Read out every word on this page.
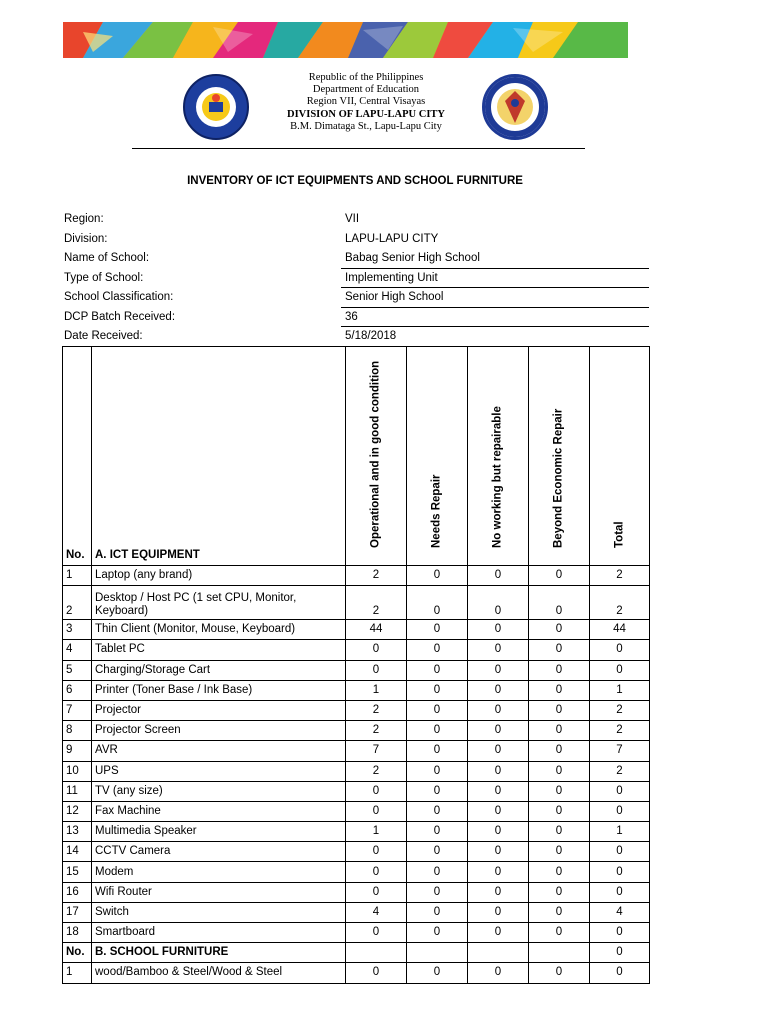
Republic of the Philippines
Department of Education
Region VII, Central Visayas
DIVISION OF LAPU-LAPU CITY
B.M. Dimataga St., Lapu-Lapu City
INVENTORY OF ICT EQUIPMENTS AND SCHOOL FURNITURE
Region:	VII
Division:	LAPU-LAPU CITY
Name of School:	Babag Senior High School
Type of School:	Implementing Unit
School Classification:	Senior High School
DCP Batch Received:	36
Date Received:	5/18/2018
No.	A. ICT EQUIPMENT	Operational and in good condition	Needs Repair	No working but repairable	Beyond Economic Repair	Total

1	Laptop (any brand)	2	0	0	0	2
2	Desktop / Host PC (1 set CPU, Monitor, Keyboard)	2	0	0	0	2
3	Thin Client (Monitor, Mouse, Keyboard)	44	0	0	0	44
4	Tablet PC	0	0	0	0	0
5	Charging/Storage Cart	0	0	0	0	0
6	Printer (Toner Base / Ink Base)	1	0	0	0	1
7	Projector	2	0	0	0	2
8	Projector Screen	2	0	0	0	2
9	AVR	7	0	0	0	7
10	UPS	2	0	0	0	2
11	TV (any size)	0	0	0	0	0
12	Fax Machine	0	0	0	0	0
13	Multimedia Speaker	1	0	0	0	1
14	CCTV Camera	0	0	0	0	0
15	Modem	0	0	0	0	0
16	Wifi Router	0	0	0	0	0
17	Switch	4	0	0	0	4
18	Smartboard	0	0	0	0	0
No.	B. SCHOOL FURNITURE					0
1	wood/Bamboo & Steel/Wood & Steel	0	0	0	0	0
